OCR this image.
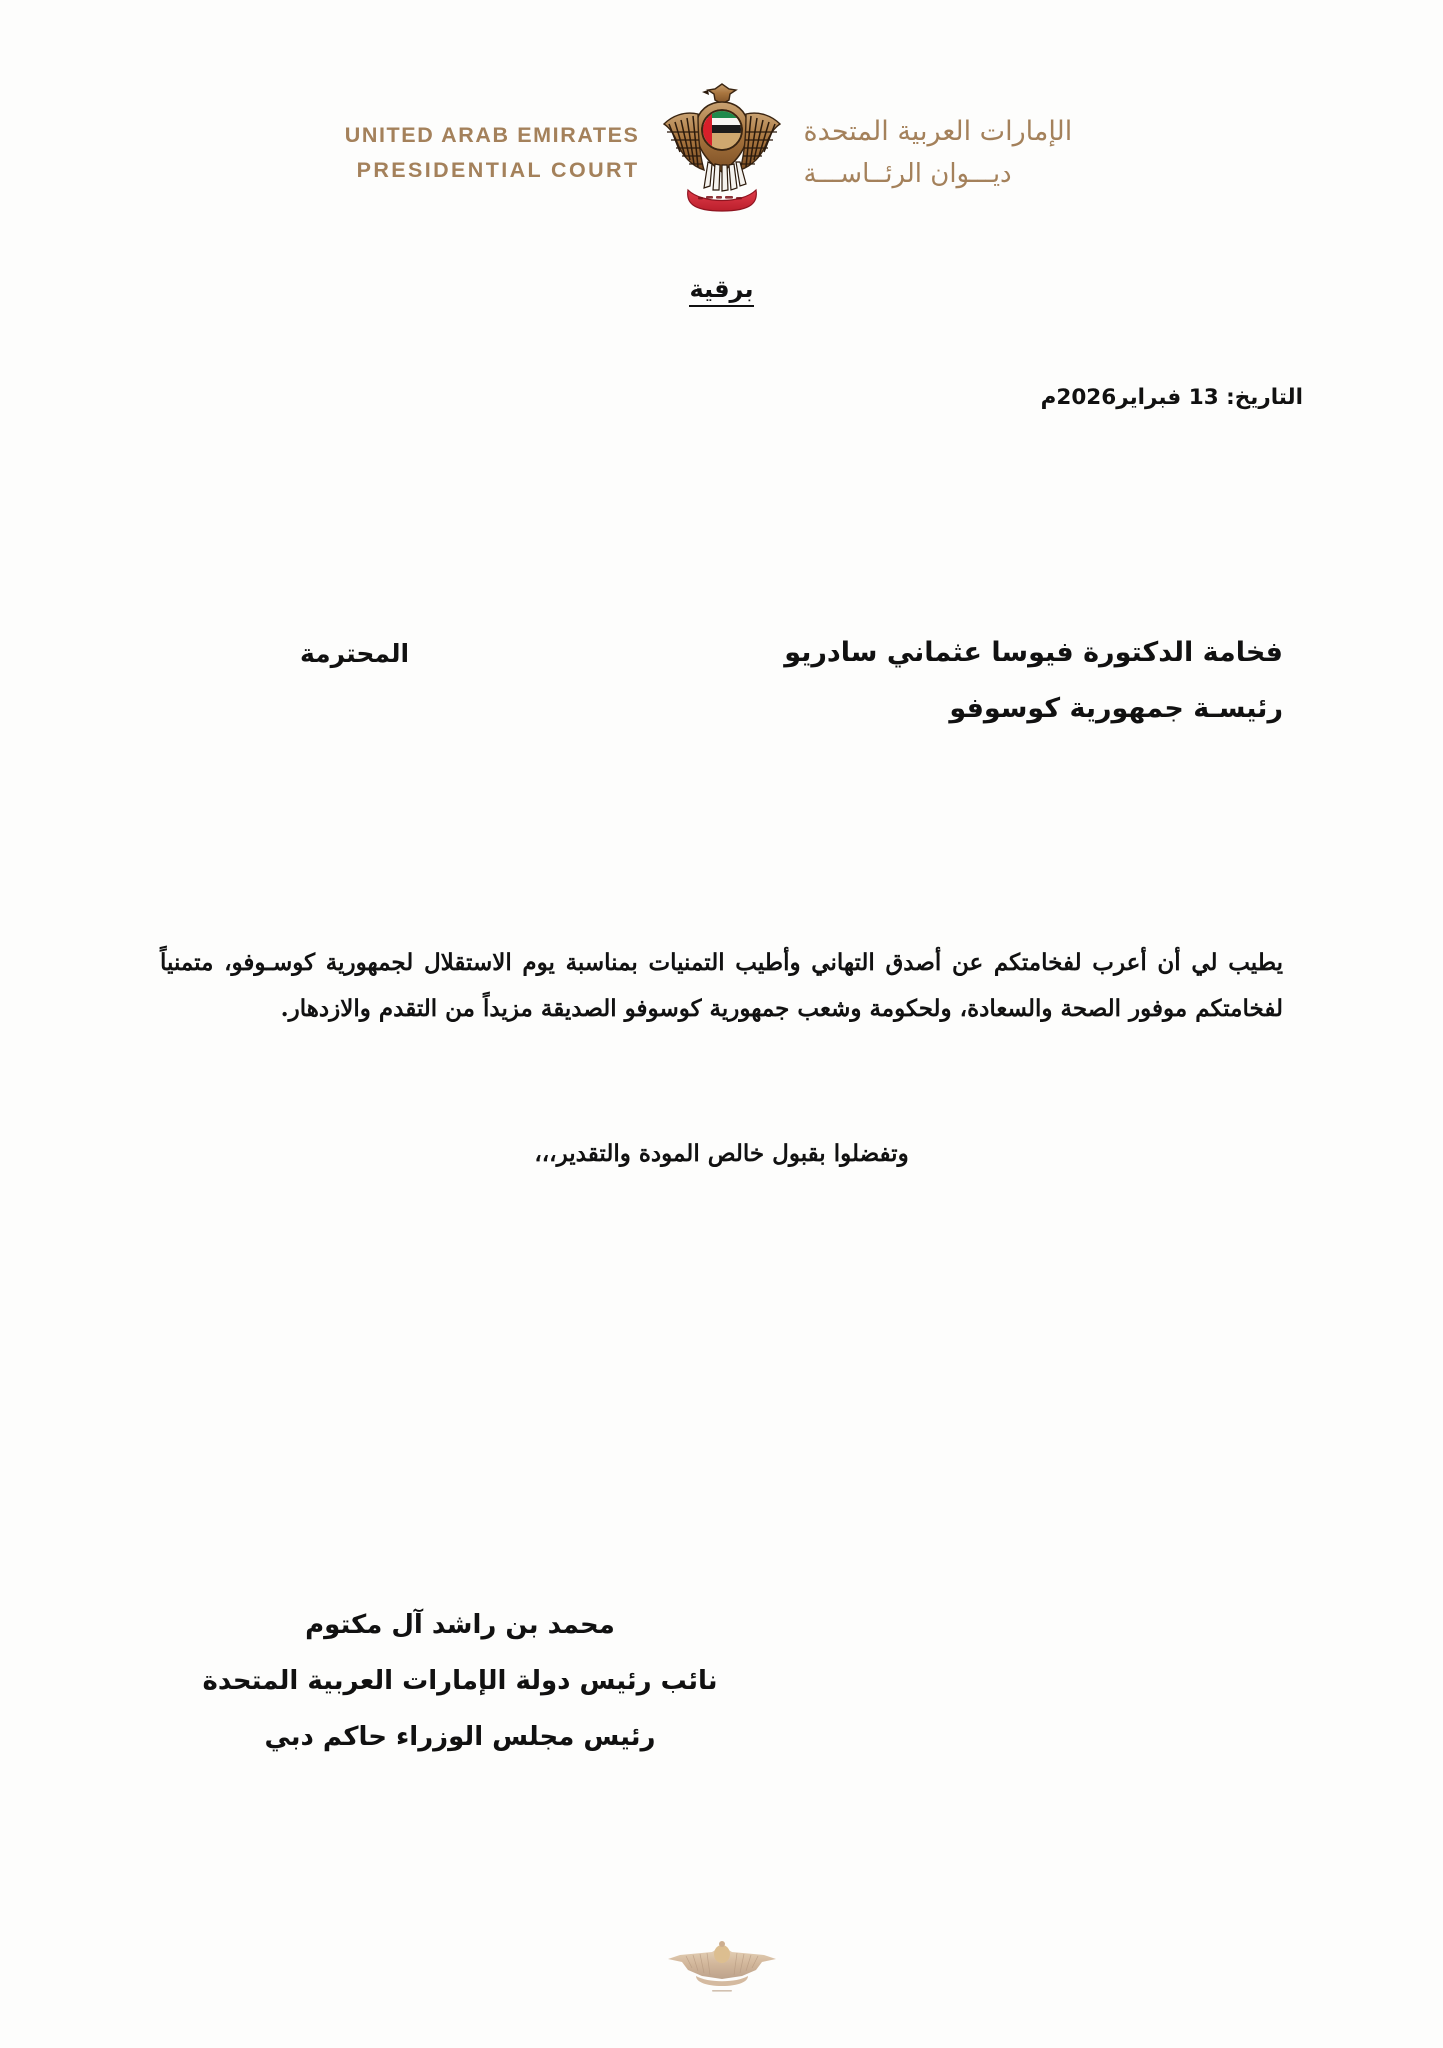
UNITED ARAB EMIRATES
PRESIDENTIAL COURT
الإمارات العربية المتحدة
ديـــوان الرئــاســـة
برقية
التاريخ: 13 فبراير2026م
فخامة الدكتورة فيوسا عثماني سادريو
رئيسـة جمهورية كوسوفو
المحترمة

يطيب لي أن أعرب لفخامتكم عن أصدق التهاني وأطيب التمنيات بمناسبة يوم الاستقلال لجمهورية كوسـوفو، متمنياً لفخامتكم موفور الصحة والسعادة، ولحكومة وشعب جمهورية كوسوفو الصديقة مزيداً من التقدم والازدهار.

وتفضلوا بقبول خالص المودة والتقدير،،،
محمد بن راشد آل مكتوم
نائب رئيس دولة الإمارات العربية المتحدة
رئيس مجلس الوزراء حاكم دبي
